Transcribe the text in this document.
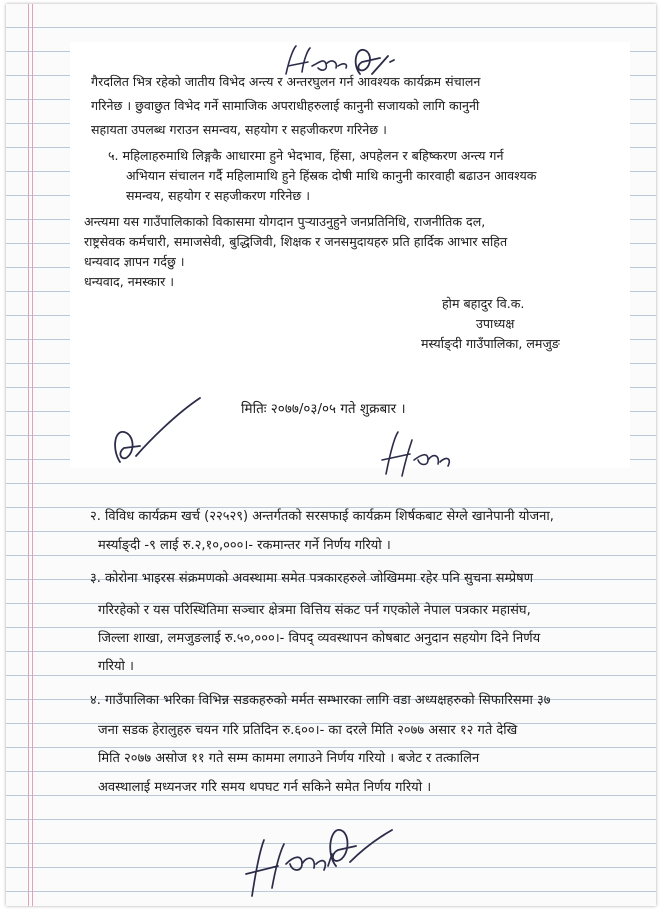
गैरदलित भित्र रहेको जातीय विभेद अन्त्य र अन्तरघुलन गर्न आवश्यक कार्यक्रम संचालन
गरिनेछ । छुवाछुत विभेद गर्ने सामाजिक अपराधीहरुलाई कानुनी सजायको लागि कानुनी
सहायता उपलब्ध गराउन समन्वय, सहयोग र सहजीकरण गरिनेछ ।
५. महिलाहरुमाथि लिङ्गकै आधारमा हुने भेदभाव, हिंसा, अपहेलन र बहिष्करण अन्त्य गर्न
अभियान संचालन गर्दै महिलामाथि हुने हिंस्रक दोषी माथि कानुनी कारवाही बढाउन आवश्यक
समन्वय, सहयोग र सहजीकरण गरिनेछ ।
अन्त्यमा यस गाउँपालिकाको विकासमा योगदान पुऱ्याउनुहुने जनप्रतिनिधि, राजनीतिक दल,
राष्ट्रसेवक कर्मचारी, समाजसेवी, बुद्धिजिवी, शिक्षक र जनसमुदायहरु प्रति हार्दिक आभार सहित
धन्यवाद ज्ञापन गर्दछु ।
धन्यवाद, नमस्कार ।
होम बहादुर वि.क.
उपाध्यक्ष
मर्स्याङ्दी गाउँपालिका, लमजुङ
मितिः २०७७/०३/०५ गते शुक्रबार ।
२. विविध कार्यक्रम खर्च (२२५२९) अन्तर्गतको सरसफाई कार्यक्रम शिर्षकबाट सेग्ले खानेपानी योजना,
मर्स्याङ्दी -९ लाई रु.२,१०,०००।- रकमान्तर गर्ने निर्णय गरियो ।
३. कोरोना भाइरस संक्रमणको अवस्थामा समेत पत्रकारहरुले जोखिममा रहेर पनि सुचना सम्प्रेषण
गरिरहेको र यस परिस्थितिमा सञ्चार क्षेत्रमा वित्तिय संकट पर्न गएकोले नेपाल पत्रकार महासंघ,
जिल्ला शाखा, लमजुङलाई रु.५०,०००।- विपद् व्यवस्थापन कोषबाट अनुदान सहयोग दिने निर्णय
गरियो ।
४. गाउँपालिका भरिका विभिन्न सडकहरुको मर्मत सम्भारका लागि वडा अध्यक्षहरुको सिफारिसमा ३७
जना सडक हेरालुहरु चयन गरि प्रतिदिन रु.६००।- का दरले मिति २०७७ असार १२ गते देखि
मिति २०७७ असोज ११ गते सम्म काममा लगाउने निर्णय गरियो । बजेट र तत्कालिन
अवस्थालाई मध्यनजर गरि समय थपघट गर्न सकिने समेत निर्णय गरियो ।
